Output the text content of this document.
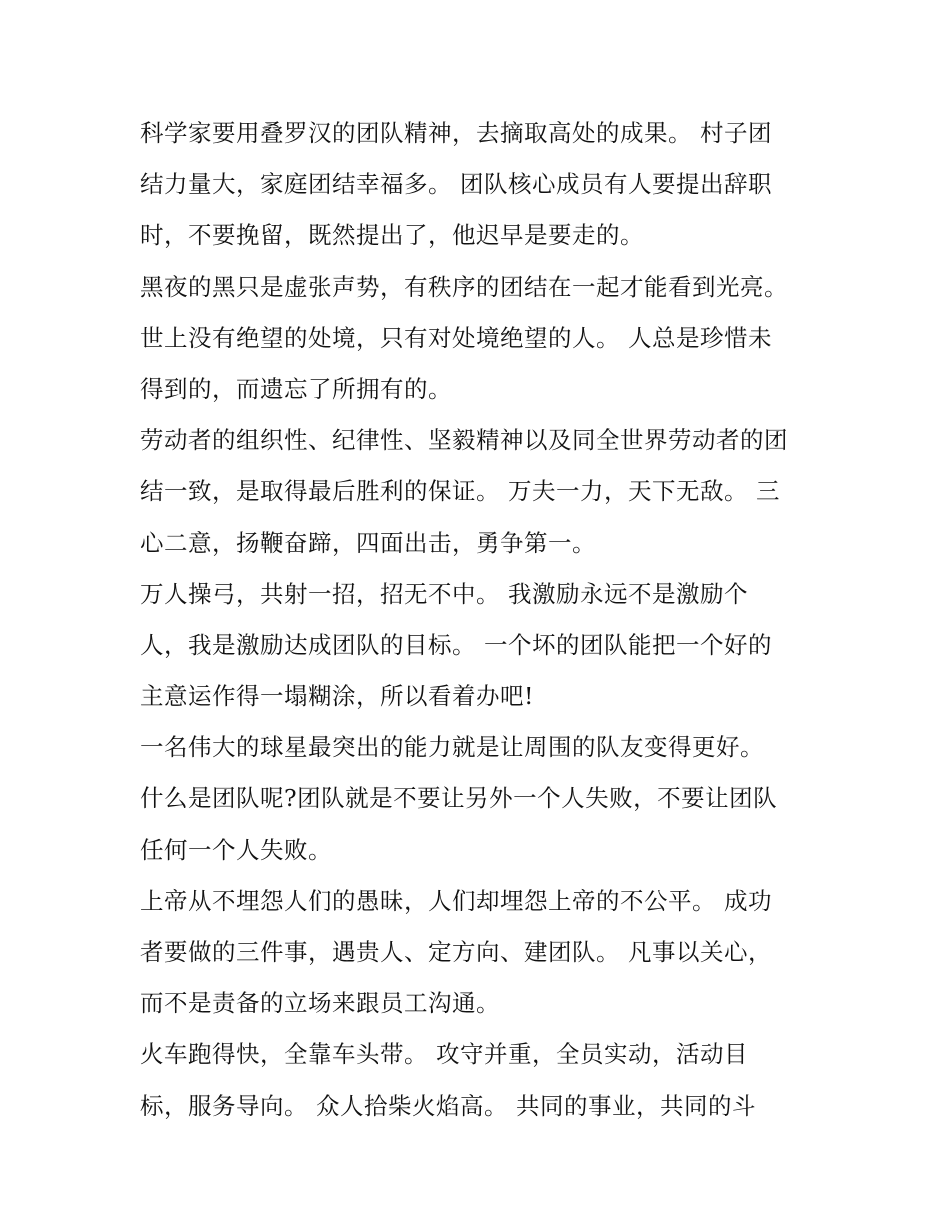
科学家要用叠罗汉的团队精神，去摘取高处的成果。 村子团
结力量大，家庭团结幸福多。 团队核心成员有人要提出辞职
时，不要挽留，既然提出了，他迟早是要走的。
黑夜的黑只是虚张声势，有秩序的团结在一起才能看到光亮。
世上没有绝望的处境，只有对处境绝望的人。 人总是珍惜未
得到的，而遗忘了所拥有的。
劳动者的组织性、纪律性、坚毅精神以及同全世界劳动者的团
结一致，是取得最后胜利的保证。 万夫一力，天下无敌。 三
心二意，扬鞭奋蹄，四面出击，勇争第一。
万人操弓，共射一招，招无不中。 我激励永远不是激励个
人，我是激励达成团队的目标。 一个坏的团队能把一个好的
主意运作得一塌糊涂，所以看着办吧!
一名伟大的球星最突出的能力就是让周围的队友变得更好。
什么是团队呢?团队就是不要让另外一个人失败，不要让团队
任何一个人失败。
上帝从不埋怨人们的愚昧，人们却埋怨上帝的不公平。 成功
者要做的三件事，遇贵人、定方向、建团队。 凡事以关心，
而不是责备的立场来跟员工沟通。
火车跑得快，全靠车头带。 攻守并重，全员实动，活动目
标，服务导向。 众人拾柴火焰高。 共同的事业，共同的斗
